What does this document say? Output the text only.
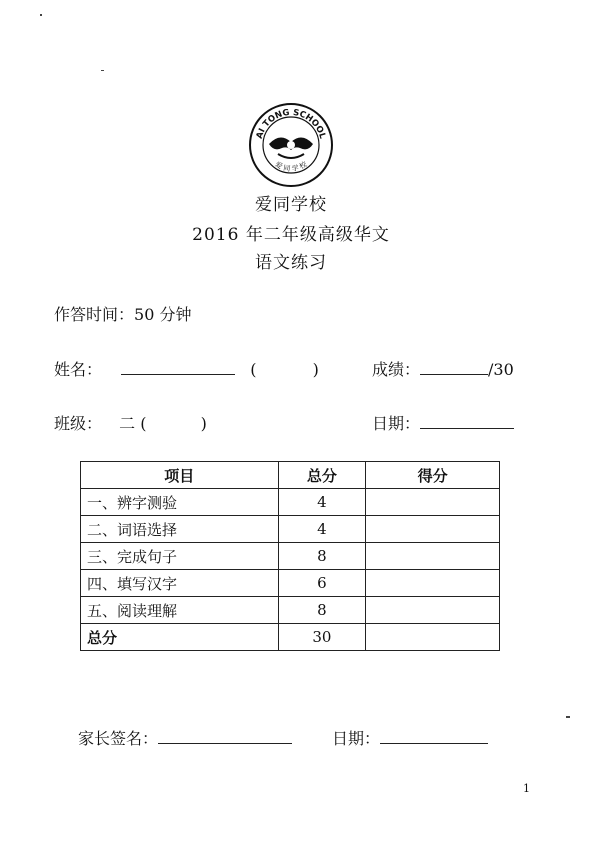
AI TONG SCHOOL
爱 同 学 校
爱同学校
2016 年二年级高级华文
语文练习
作答时间：50 分钟
姓名：	(	)	成绩：	/30
班级： 二 (	)	日期：
项目	总分	得分
一、辨字测验	4	
二、词语选择	4	
三、完成句子	8	
四、填写汉字	6	
五、阅读理解	8	
总分	30	
家长签名：	日期：
1
